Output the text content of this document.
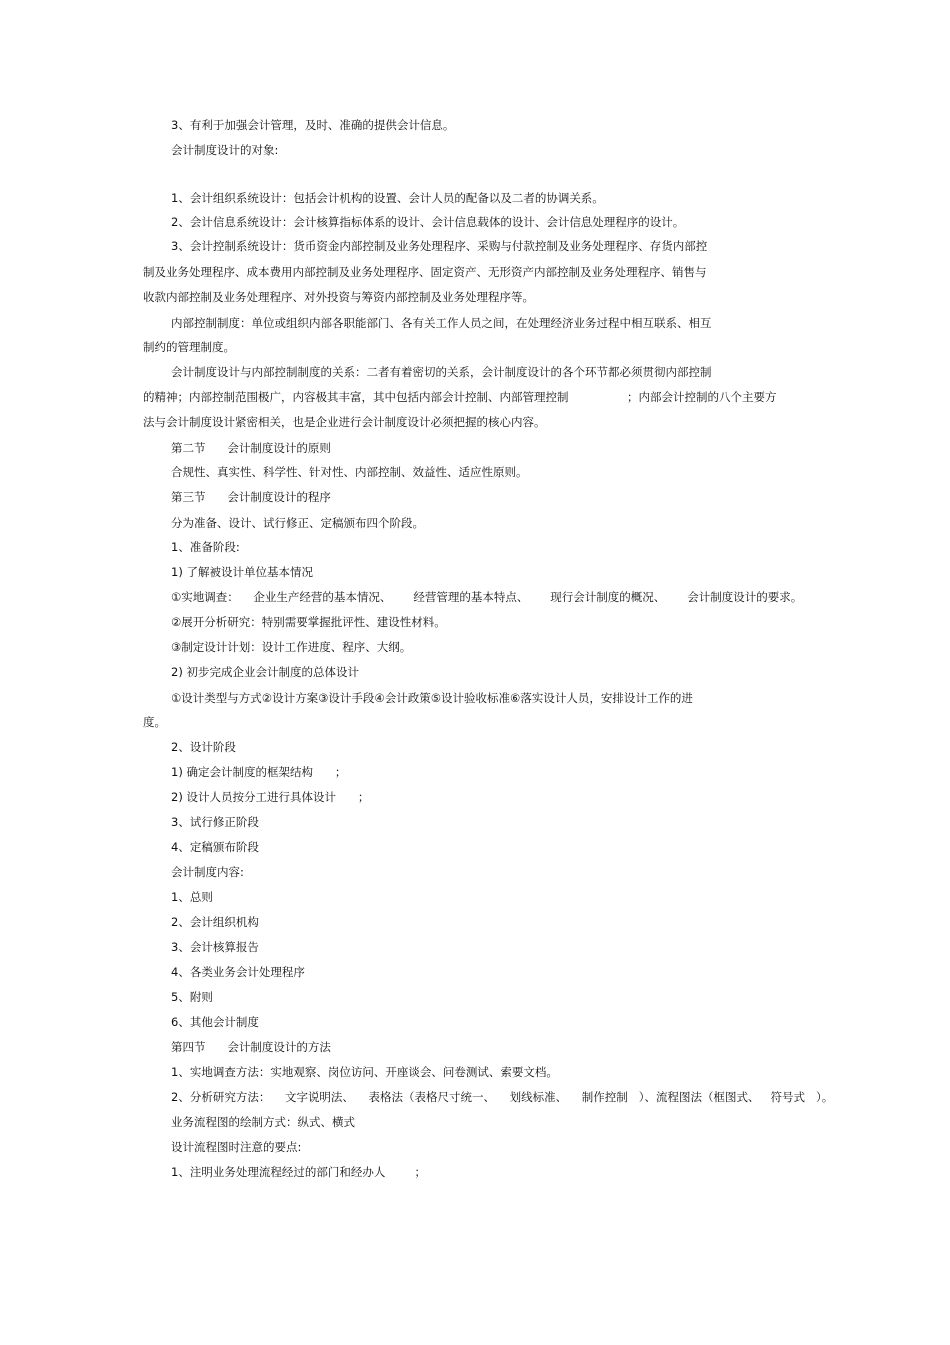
3、有利于加强会计管理，及时、准确的提供会计信息。
会计制度设计的对象:
1、会计组织系统设计：包括会计机构的设置、会计人员的配备以及二者的协调关系。
2、会计信息系统设计：会计核算指标体系的设计、会计信息载体的设计、会计信息处理程序的设计。
3、会计控制系统设计：货币资金内部控制及业务处理程序、采购与付款控制及业务处理程序、存货内部控
制及业务处理程序、成本费用内部控制及业务处理程序、固定资产、无形资产内部控制及业务处理程序、销售与
收款内部控制及业务处理程序、对外投资与筹资内部控制及业务处理程序等。
内部控制制度：单位或组织内部各职能部门、各有关工作人员之间，在处理经济业务过程中相互联系、相互
制约的管理制度。
会计制度设计与内部控制制度的关系：二者有着密切的关系，会计制度设计的各个环节都必须贯彻内部控制
的精神；内部控制范围极广，内容极其丰富，其中包括内部会计控制、内部管理控制                ；内部会计控制的八个主要方
法与会计制度设计紧密相关，也是企业进行会计制度设计必须把握的核心内容。
第二节      会计制度设计的原则
合规性、真实性、科学性、针对性、内部控制、效益性、适应性原则。
第三节      会计制度设计的程序
分为准备、设计、试行修正、定稿颁布四个阶段。
1、准备阶段:
1) 了解被设计单位基本情况
①实地调查：    企业生产经营的基本情况、      经营管理的基本特点、      现行会计制度的概况、      会计制度设计的要求。
②展开分析研究：特别需要掌握批评性、建设性材料。
③制定设计计划：设计工作进度、程序、大纲。
2) 初步完成企业会计制度的总体设计
①设计类型与方式②设计方案③设计手段④会计政策⑤设计验收标准⑥落实设计人员，安排设计工作的进
度。
2、设计阶段
1) 确定会计制度的框架结构      ；
2) 设计人员按分工进行具体设计      ；
3、试行修正阶段
4、定稿颁布阶段
会计制度内容:
1、总则
2、会计组织机构
3、会计核算报告
4、各类业务会计处理程序
5、附则
6、其他会计制度
第四节      会计制度设计的方法
1、实地调查方法：实地观察、岗位访问、开座谈会、问卷测试、索要文档。
2、分析研究方法：    文字说明法、    表格法（表格尺寸统一、    划线标准、    制作控制   ）、流程图法（框图式、   符号式   ）。
业务流程图的绘制方式：纵式、横式
设计流程图时注意的要点:
1、注明业务处理流程经过的部门和经办人        ；
